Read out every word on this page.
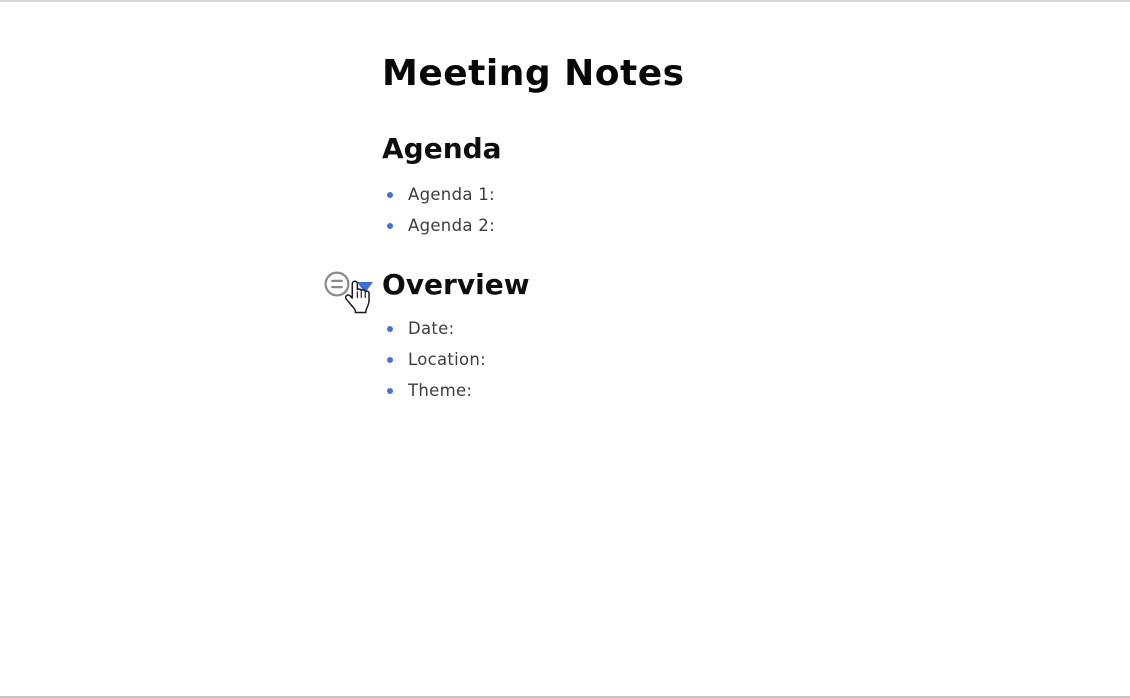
Meeting Notes
Agenda
Agenda 1:
Agenda 2:
Overview
Date:
Location:
Theme:
